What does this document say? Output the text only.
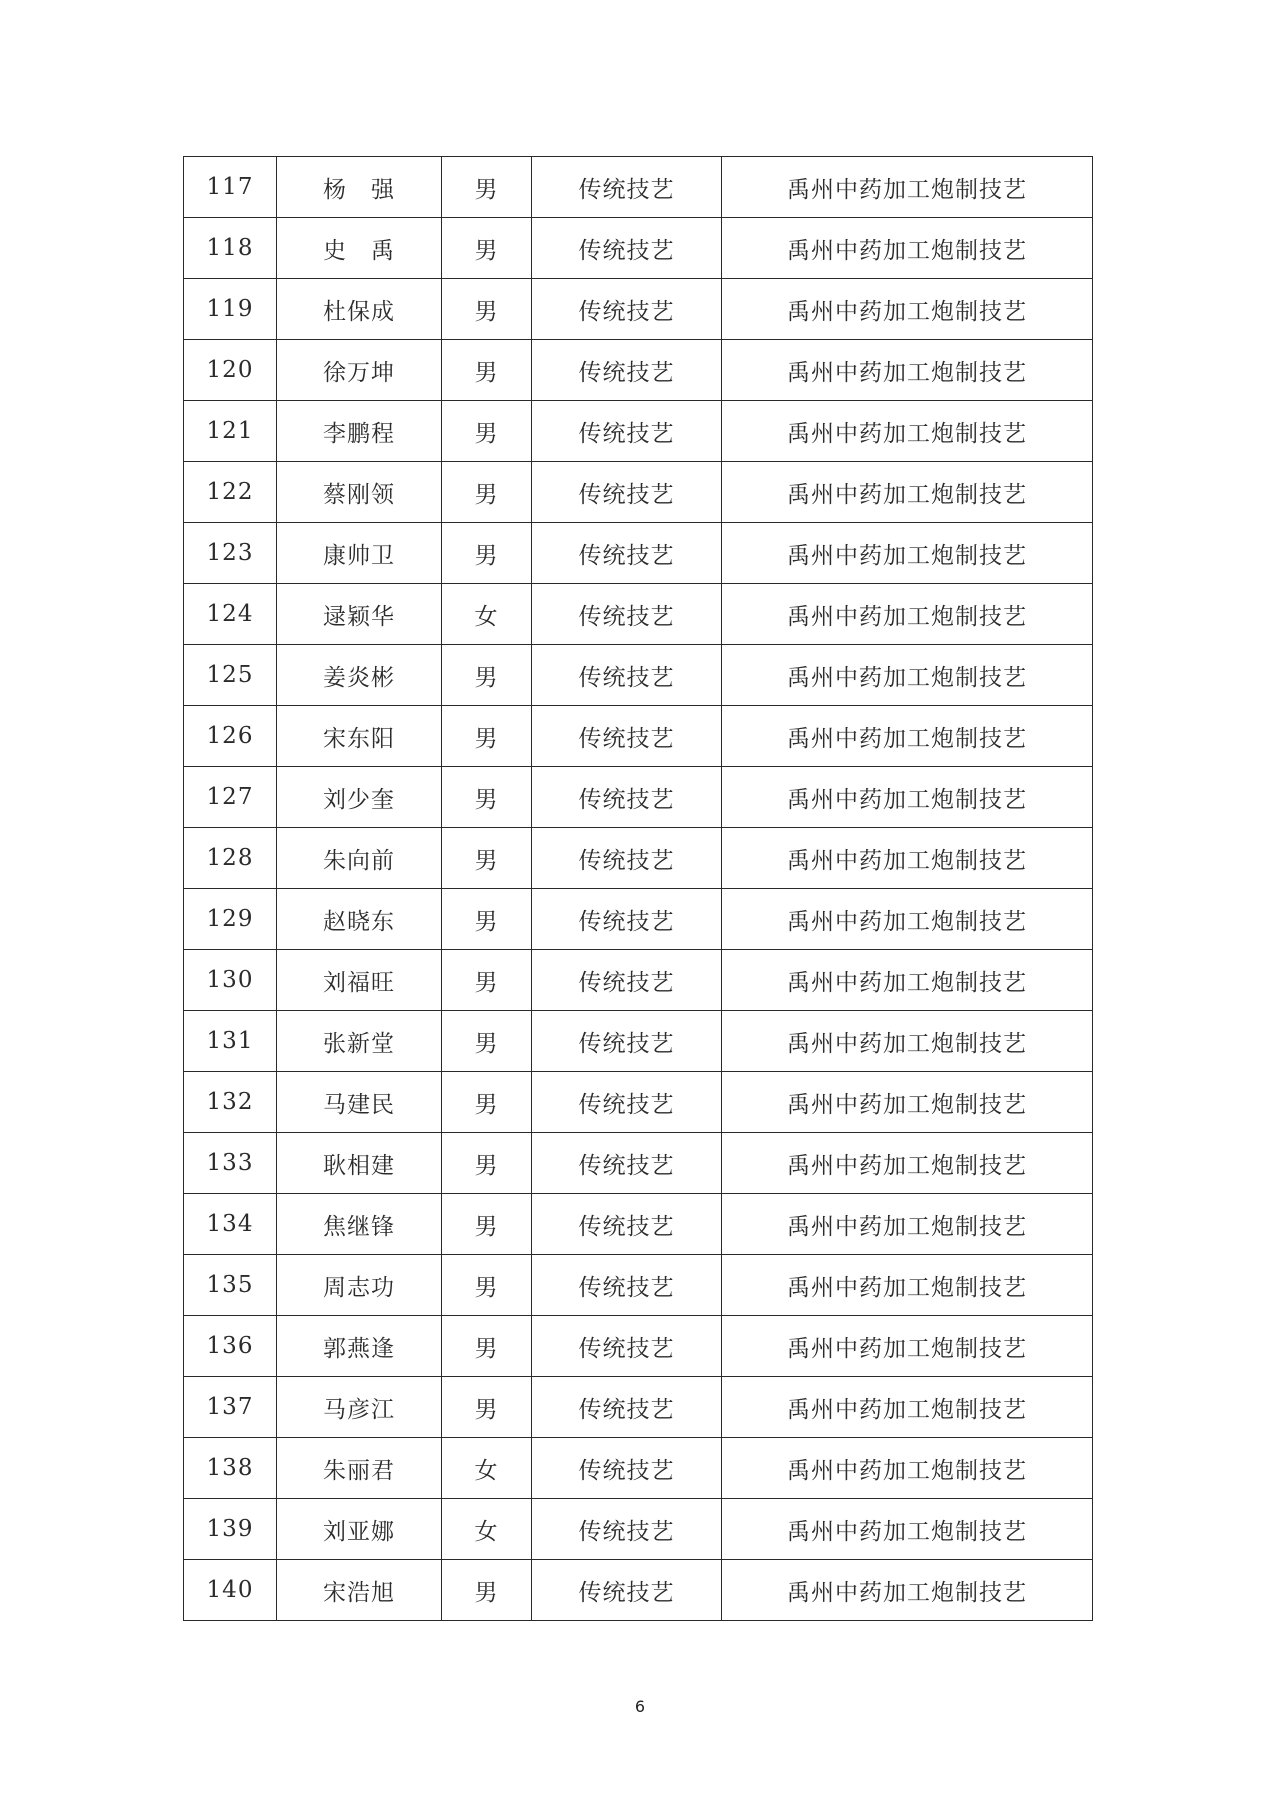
117	杨　强	男	传统技艺	禹州中药加工炮制技艺
118	史　禹	男	传统技艺	禹州中药加工炮制技艺
119	杜保成	男	传统技艺	禹州中药加工炮制技艺
120	徐万坤	男	传统技艺	禹州中药加工炮制技艺
121	李鹏程	男	传统技艺	禹州中药加工炮制技艺
122	蔡刚领	男	传统技艺	禹州中药加工炮制技艺
123	康帅卫	男	传统技艺	禹州中药加工炮制技艺
124	逯颖华	女	传统技艺	禹州中药加工炮制技艺
125	姜炎彬	男	传统技艺	禹州中药加工炮制技艺
126	宋东阳	男	传统技艺	禹州中药加工炮制技艺
127	刘少奎	男	传统技艺	禹州中药加工炮制技艺
128	朱向前	男	传统技艺	禹州中药加工炮制技艺
129	赵晓东	男	传统技艺	禹州中药加工炮制技艺
130	刘福旺	男	传统技艺	禹州中药加工炮制技艺
131	张新堂	男	传统技艺	禹州中药加工炮制技艺
132	马建民	男	传统技艺	禹州中药加工炮制技艺
133	耿相建	男	传统技艺	禹州中药加工炮制技艺
134	焦继锋	男	传统技艺	禹州中药加工炮制技艺
135	周志功	男	传统技艺	禹州中药加工炮制技艺
136	郭燕逢	男	传统技艺	禹州中药加工炮制技艺
137	马彦江	男	传统技艺	禹州中药加工炮制技艺
138	朱丽君	女	传统技艺	禹州中药加工炮制技艺
139	刘亚娜	女	传统技艺	禹州中药加工炮制技艺
140	宋浩旭	男	传统技艺	禹州中药加工炮制技艺
6
